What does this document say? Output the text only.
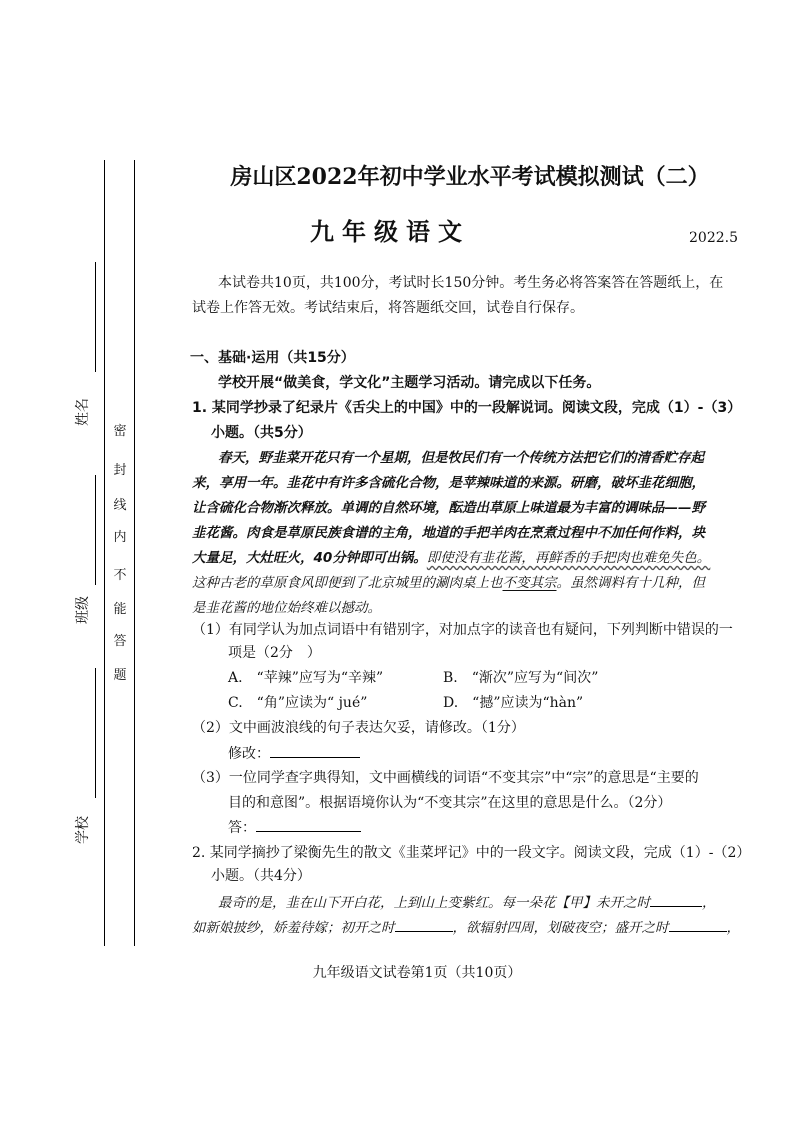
姓名
班级
学校
密
封
线
内
不
能
答
题
房山区2022年初中学业水平考试模拟测试（二）
九年级语文	2022.5
本试卷共10页，共100分，考试时长150分钟。考生务必将答案答在答题纸上，在
试卷上作答无效。考试结束后，将答题纸交回，试卷自行保存。
一、基础·运用（共15分）
学校开展“做美食，学文化”主题学习活动。请完成以下任务。
1. 某同学抄录了纪录片《舌尖上的中国》中的一段解说词。阅读文段，完成（1）-（3）
小题。（共5分）
春天，野韭菜开花只有一个星期，但是牧民们有一个传统方法把它们的清香贮存起
来，享用一年。韭花中有许多含硫化合物，是苹辣味道的来源。研磨，破坏韭花细胞，
让含硫化合物渐次释放。单调的自然环境，酝造出草原上味道最为丰富的调味品——野
韭花酱。肉食是草原民族食谱的主角，地道的手把羊肉在烹煮过程中不加任何作料，块
大量足，大灶旺火，40分钟即可出锅。即使没有韭花酱，再鲜香的手把肉也难免失色。
这种古老的草原食风即便到了北京城里的涮肉桌上也不变其宗。虽然调料有十几种，但
是韭花酱的地位始终难以撼动。
（1）有同学认为加点词语中有错别字，对加点字的读音也有疑问，下列判断中错误的一
项是（2分　）
A.　“苹辣”应写为“辛辣”	B.　“渐次”应写为“间次”
C.　“角”应读为“ jué”	D.　“撼”应读为“hàn”
（2）文中画波浪线的句子表达欠妥，请修改。（1分）
修改：
（3）一位同学查字典得知，文中画横线的词语“不变其宗”中“宗”的意思是“主要的
目的和意图”。根据语境你认为“不变其宗”在这里的意思是什么。（2分）
答：
2. 某同学摘抄了梁衡先生的散文《韭菜坪记》中的一段文字。阅读文段，完成（1）-（2）
小题。（共4分）
最奇的是，韭在山下开白花，上到山上变紫红。每一朵花【甲】未开之时	，
如新娘披纱，娇羞待嫁；初开之时	，欲辐射四周，划破夜空；盛开之时	，
九年级语文试卷第1页（共10页）
